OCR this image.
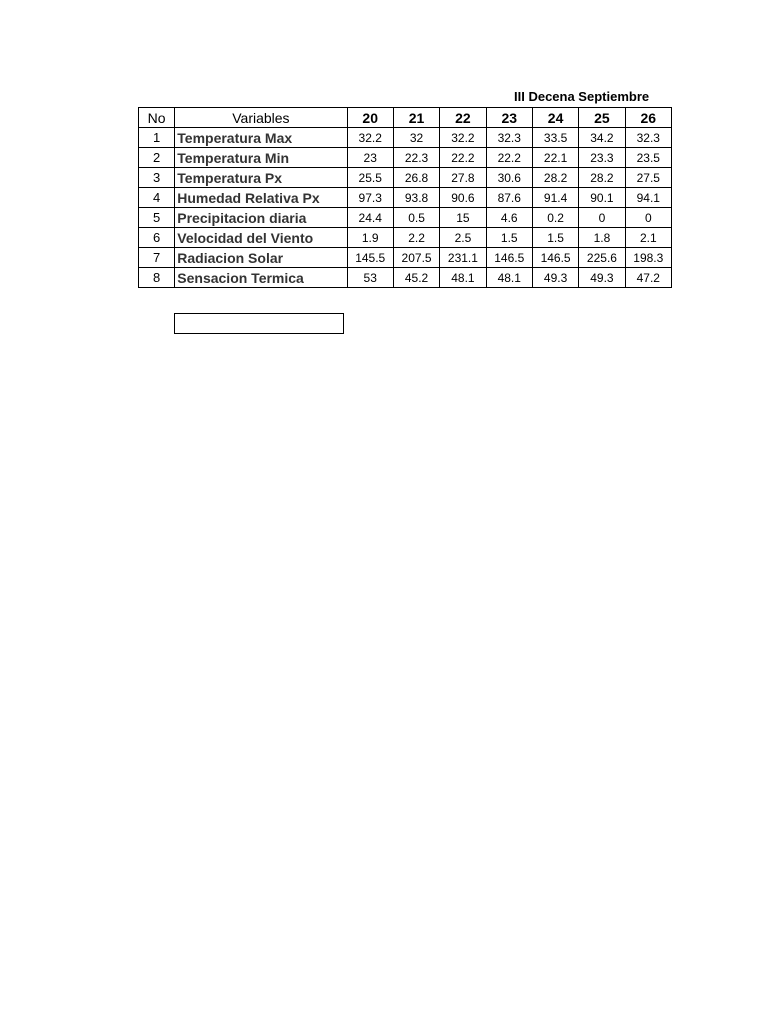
III Decena Septiembre
No	Variables	20	21	22	23	24	25	26
1	Temperatura Max	32.2	32	32.2	32.3	33.5	34.2	32.3
2	Temperatura Min	23	22.3	22.2	22.2	22.1	23.3	23.5
3	Temperatura Px	25.5	26.8	27.8	30.6	28.2	28.2	27.5
4	Humedad Relativa Px	97.3	93.8	90.6	87.6	91.4	90.1	94.1
5	Precipitacion diaria	24.4	0.5	15	4.6	0.2	0	0
6	Velocidad del Viento	1.9	2.2	2.5	1.5	1.5	1.8	2.1
7	Radiacion Solar	145.5	207.5	231.1	146.5	146.5	225.6	198.3
8	Sensacion Termica	53	45.2	48.1	48.1	49.3	49.3	47.2
